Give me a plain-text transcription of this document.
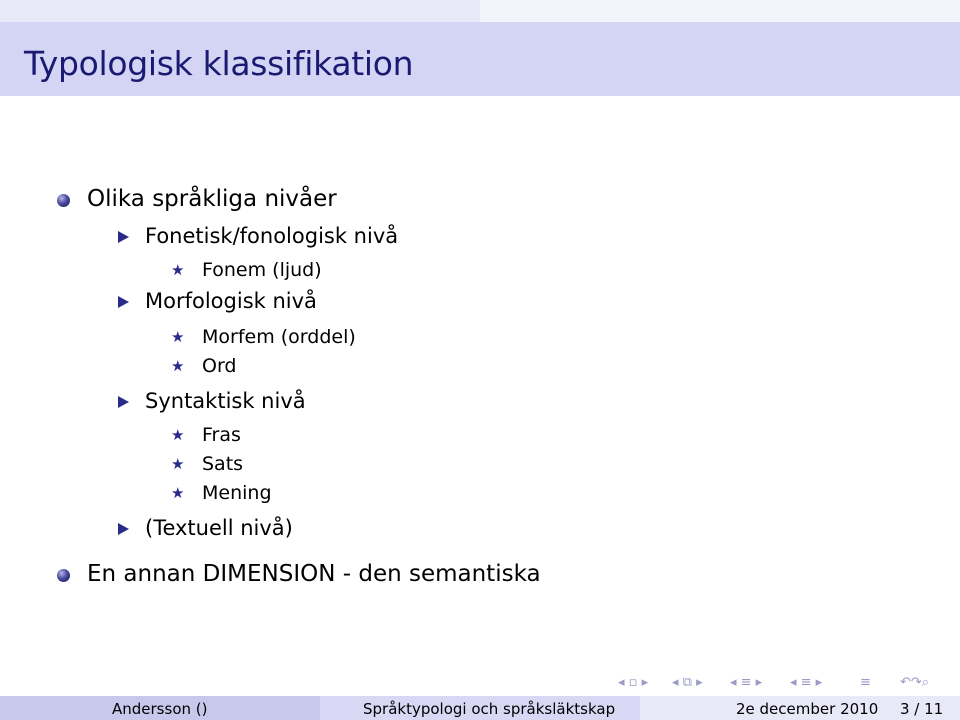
Typologisk klassifikation
Olika språkliga nivåer
Fonetisk/fonologisk nivå
★ Fonem (ljud)
Morfologisk nivå
★ Morfem (orddel)
★ Ord
Syntaktisk nivå
★ Fras
★ Sats
★ Mening
(Textuell nivå)
En annan DIMENSION - den semantiska
◂ ▫ ▸ ◂ ⧉ ▸ ◂ ≡ ▸ ◂ ≡ ▸	≡ ↶↷⌕
Andersson ()	Språktypologi och språksläktskap	2e december 2010 3 / 11
